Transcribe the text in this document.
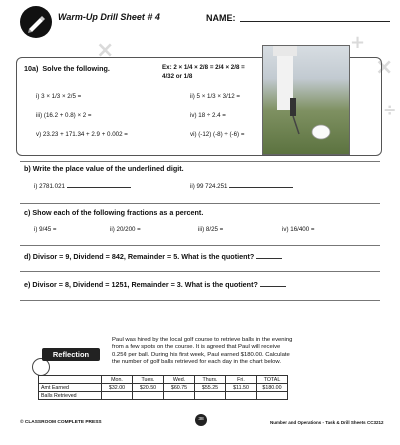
Warm-Up Drill Sheet # 4	NAME:
+
×
×
÷
10a) Solve the following.	Ex: 2 × 1/4 × 2/8 = 2/4 × 2/8 =
4/32 or 1/8
i) 3 × 1/3 × 2/5 =	ii) 5 × 1/3 × 3/12 =
iii) (16.2 + 0.8) × 2 =	iv) 18 ÷ 2.4 =
v) 23.23 + 171.34 + 2.9 + 0.002 =	vi) (-12) (-8) ÷ (-6) =
b) Write the place value of the underlined digit.
i) 2781.021	ii) 99 724.251
c) Show each of the following fractions as a percent.
i) 9/45 =	ii) 20/200 =	iii) 8/25 =	iv) 16/400 =
d) Divisor = 9, Dividend = 842, Remainder = 5. What is the quotient?
e) Divisor = 8, Dividend = 1251, Remainder = 3. What is the quotient?
Reflection
Paul was hired by the local golf course to retrieve balls in the evening
from a few spots on the course. It is agreed that Paul will receive
0.25¢ per ball. During his first week, Paul earned $180.00. Calculate
the number of golf balls retrieved for each day in the chart below.
	Mon.	Tues.	Wed.	Thurs.	Fri.	TOTAL
Amt Earned	$32.00	$20.50	$60.75	$55.25	$11.50	$180.00
Balls Retrieved						
© CLASSROOM COMPLETE PRESS
38
Number and Operations - Task & Drill Sheets CC3212
